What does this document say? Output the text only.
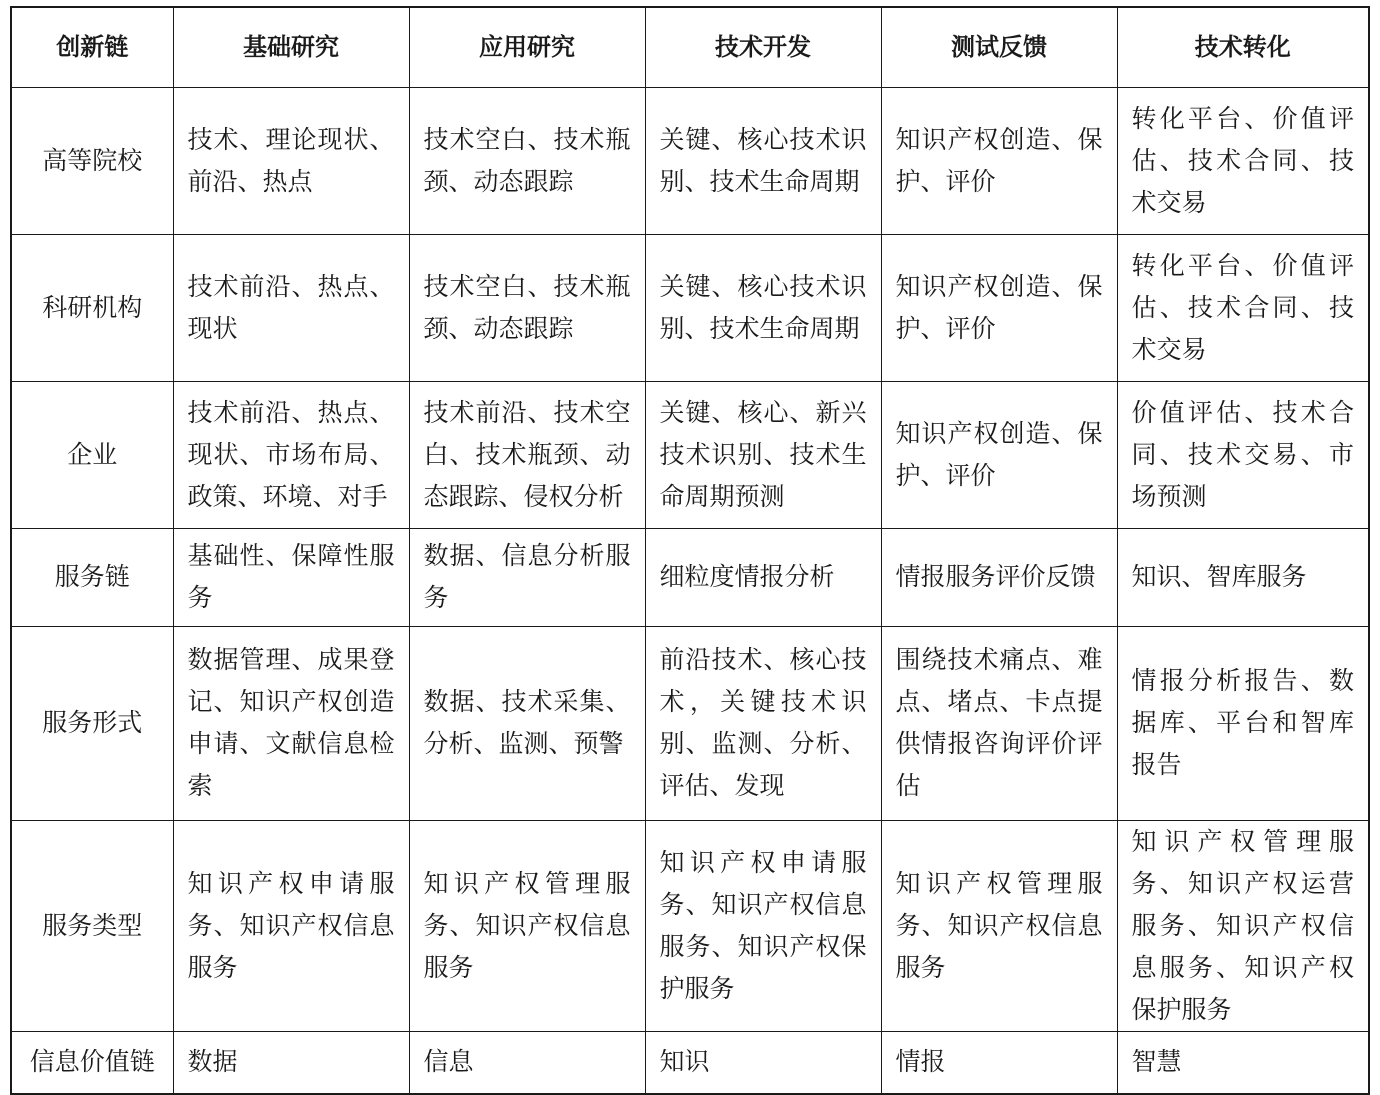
创新链	基础研究	应用研究	技术开发	测试反馈	技术转化
高等院校	技术、理论现状、前沿、热点	技术空白、技术瓶颈、动态跟踪	关键、核心技术识别、技术生命周期	知识产权创造、保护、评价	转化平台、价值评估、技术合同、技术交易
科研机构	技术前沿、热点、现状	技术空白、技术瓶颈、动态跟踪	关键、核心技术识别、技术生命周期	知识产权创造、保护、评价	转化平台、价值评估、技术合同、技术交易
企业	技术前沿、热点、现状、市场布局、政策、环境、对手	技术前沿、技术空白、技术瓶颈、动态跟踪、侵权分析	关键、核心、新兴技术识别、技术生命周期预测	知识产权创造、保护、评价	价值评估、技术合同、技术交易、市场预测
服务链	基础性、保障性服务	数据、信息分析服务	细粒度情报分析	情报服务评价反馈	知识、智库服务
服务形式	数据管理、成果登记、知识产权创造申请、文献信息检索	数据、技术采集、分析、监测、预警	前沿技术、核心技术，关键技术识别、监测、分析、评估、发现	围绕技术痛点、难点、堵点、卡点提供情报咨询评价评估	情报分析报告、数据库、平台和智库报告
服务类型	知识产权申请服务、知识产权信息服务	知识产权管理服务、知识产权信息服务	知识产权申请服务、知识产权信息服务、知识产权保护服务	知识产权管理服务、知识产权信息服务	知识产权管理服务、知识产权运营服务、知识产权信息服务、知识产权保护服务
信息价值链	数据	信息	知识	情报	智慧
